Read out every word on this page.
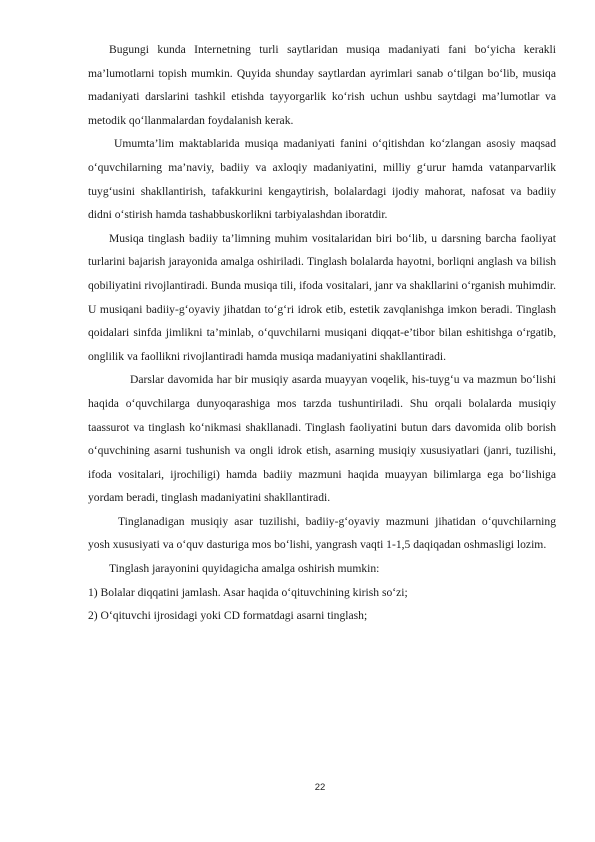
Bugungi kunda Internetning turli saytlaridan musiqa madaniyati fani bo‘yicha kerakli ma’lumotlarni topish mumkin. Quyida shunday saytlardan ayrimlari sanab o‘tilgan bo‘lib, musiqa madaniyati darslarini tashkil etishda tayyorgarlik ko‘rish uchun ushbu saytdagi ma’lumotlar va metodik qo‘llanmalardan foydalanish kerak.

Umumta’lim maktablarida musiqa madaniyati fanini o‘qitishdan ko‘zlangan asosiy maqsad o‘quvchilarning ma’naviy, badiiy va axloqiy madaniyatini, milliy g‘urur hamda vatanparvarlik tuyg‘usini shakllantirish, tafakkurini kengaytirish, bolalardagi ijodiy mahorat, nafosat va badiiy didni o‘stirish hamda tashabbuskorlikni tarbiyalashdan iboratdir.

Musiqa tinglash badiiy ta’limning muhim vositalaridan biri bo‘lib, u darsning barcha faoliyat turlarini bajarish jarayonida amalga oshiriladi. Tinglash bolalarda hayotni, borliqni anglash va bilish qobiliyatini rivojlantiradi. Bunda musiqa tili, ifoda vositalari, janr va shakllarini o‘rganish muhimdir. U musiqani badiiy-g‘oyaviy jihatdan to‘g‘ri idrok etib, estetik zavqlanishga imkon beradi. Tinglash qoidalari sinfda jimlikni ta’minlab, o‘quvchilarni musiqani diqqat-e’tibor bilan eshitishga o‘rgatib, onglilik va faollikni rivojlantiradi hamda musiqa madaniyatini shakllantiradi.

Darslar davomida har bir musiqiy asarda muayyan voqelik, his-tuyg‘u va mazmun bo‘lishi haqida o‘quvchilarga dunyoqarashiga mos tarzda tushuntiriladi. Shu orqali bolalarda musiqiy taassurot va tinglash ko‘nikmasi shakllanadi. Tinglash faoliyatini butun dars davomida olib borish o‘quvchining asarni tushunish va ongli idrok etish, asarning musiqiy xususiyatlari (janri, tuzilishi, ifoda vositalari, ijrochiligi) hamda badiiy mazmuni haqida muayyan bilimlarga ega bo‘lishiga yordam beradi, tinglash madaniyatini shakllantiradi.

Tinglanadigan musiqiy asar tuzilishi, badiiy-g‘oyaviy mazmuni jihatidan o‘quvchilarning yosh xususiyati va o‘quv dasturiga mos bo‘lishi, yangrash vaqti 1-1,5 daqiqadan oshmasligi lozim.

Tinglash jarayonini quyidagicha amalga oshirish mumkin:

1) Bolalar diqqatini jamlash. Asar haqida o‘qituvchining kirish so‘zi;

2) O‘qituvchi ijrosidagi yoki CD formatdagi asarni tinglash;

22
